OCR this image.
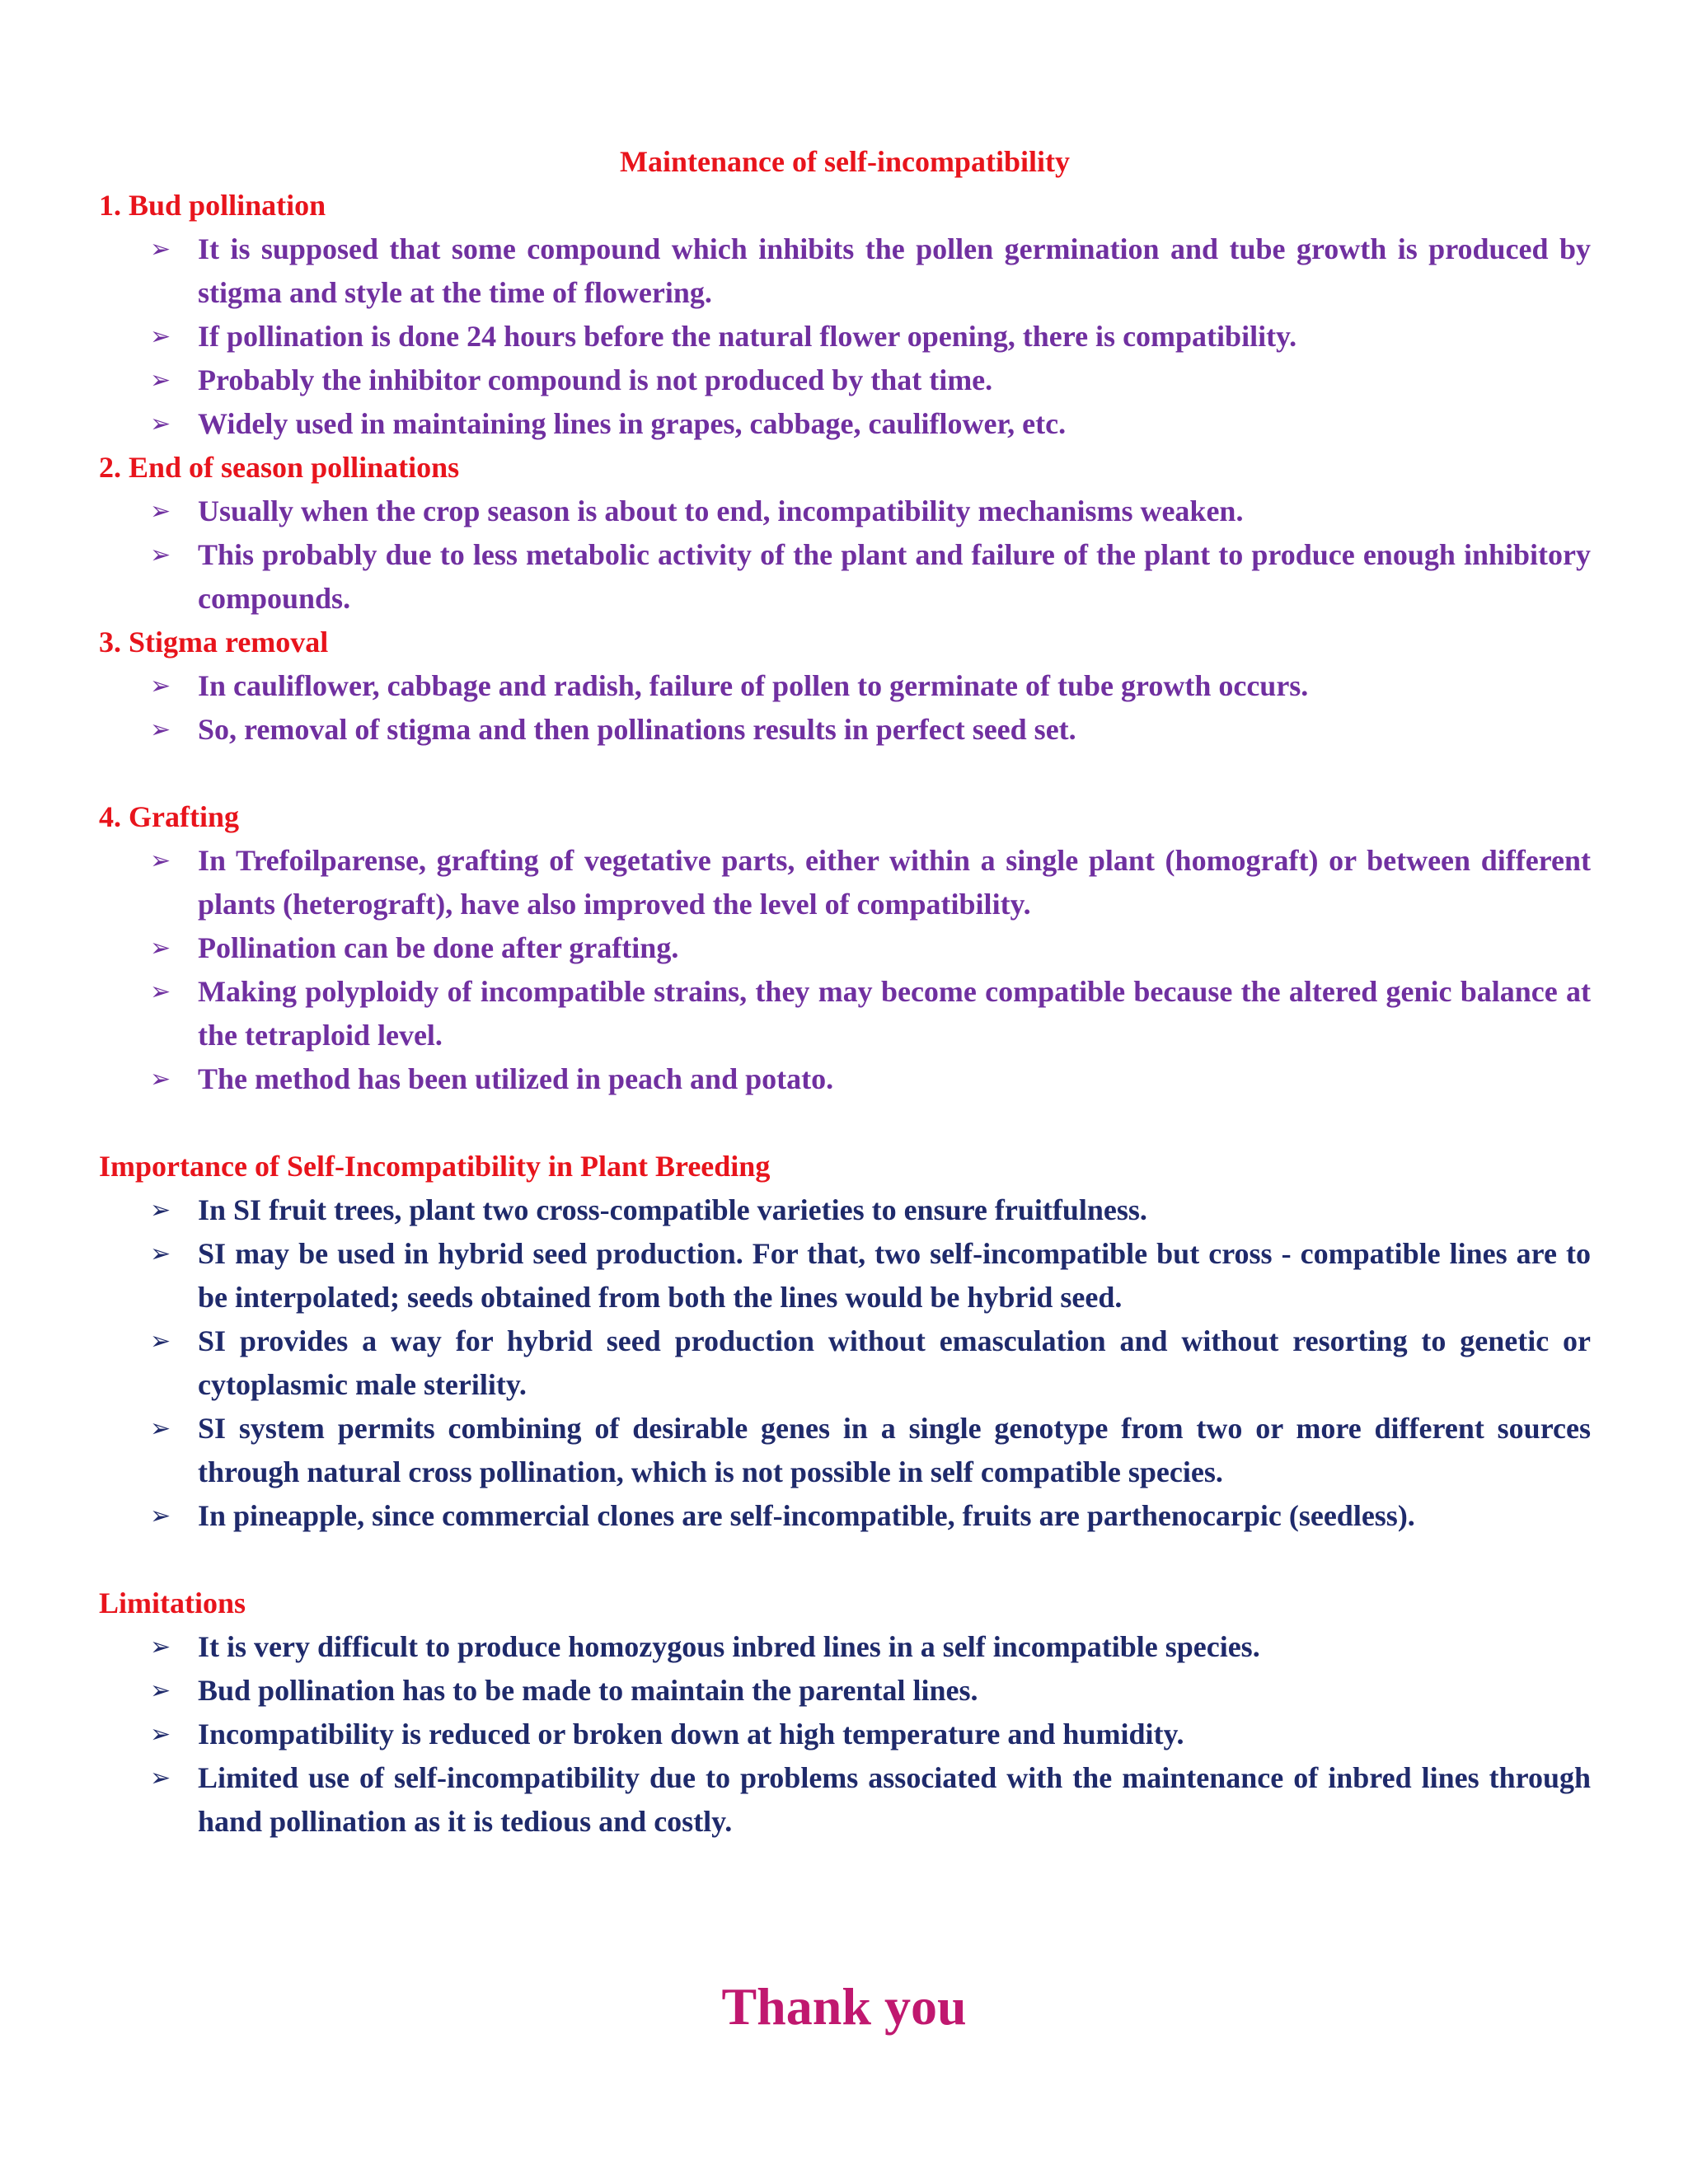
Maintenance of self-incompatibility

1. Bud pollination

➢ It is supposed that some compound which inhibits the pollen germination and tube growth is produced by stigma and style at the time of flowering.
➢ If pollination is done 24 hours before the natural flower opening, there is compatibility.
➢ Probably the inhibitor compound is not produced by that time.
➢ Widely used in maintaining lines in grapes, cabbage, cauliflower, etc.

2. End of season pollinations

➢ Usually when the crop season is about to end, incompatibility mechanisms weaken.
➢ This probably due to less metabolic activity of the plant and failure of the plant to produce enough inhibitory compounds.

3. Stigma removal

➢ In cauliflower, cabbage and radish, failure of pollen to germinate of tube growth occurs.
➢ So, removal of stigma and then pollinations results in perfect seed set.

4. Grafting

➢ In Trefoilparense, grafting of vegetative parts, either within a single plant (homograft) or between different plants (heterograft), have also improved the level of compatibility.
➢ Pollination can be done after grafting.
➢ Making polyploidy of incompatible strains, they may become compatible because the altered genic balance at the tetraploid level.
➢ The method has been utilized in peach and potato.

Importance of Self-Incompatibility in Plant Breeding

➢ In SI fruit trees, plant two cross-compatible varieties to ensure fruitfulness.
➢ SI may be used in hybrid seed production. For that, two self-incompatible but cross - compatible lines are to be interpolated; seeds obtained from both the lines would be hybrid seed.
➢ SI provides a way for hybrid seed production without emasculation and without resorting to genetic or cytoplasmic male sterility.
➢ SI system permits combining of desirable genes in a single genotype from two or more different sources through natural cross pollination, which is not possible in self compatible species.
➢ In pineapple, since commercial clones are self-incompatible, fruits are parthenocarpic (seedless).

Limitations

➢ It is very difficult to produce homozygous inbred lines in a self incompatible species.
➢ Bud pollination has to be made to maintain the parental lines.
➢ Incompatibility is reduced or broken down at high temperature and humidity.
➢ Limited use of self-incompatibility due to problems associated with the maintenance of inbred lines through hand pollination as it is tedious and costly.

Thank you
